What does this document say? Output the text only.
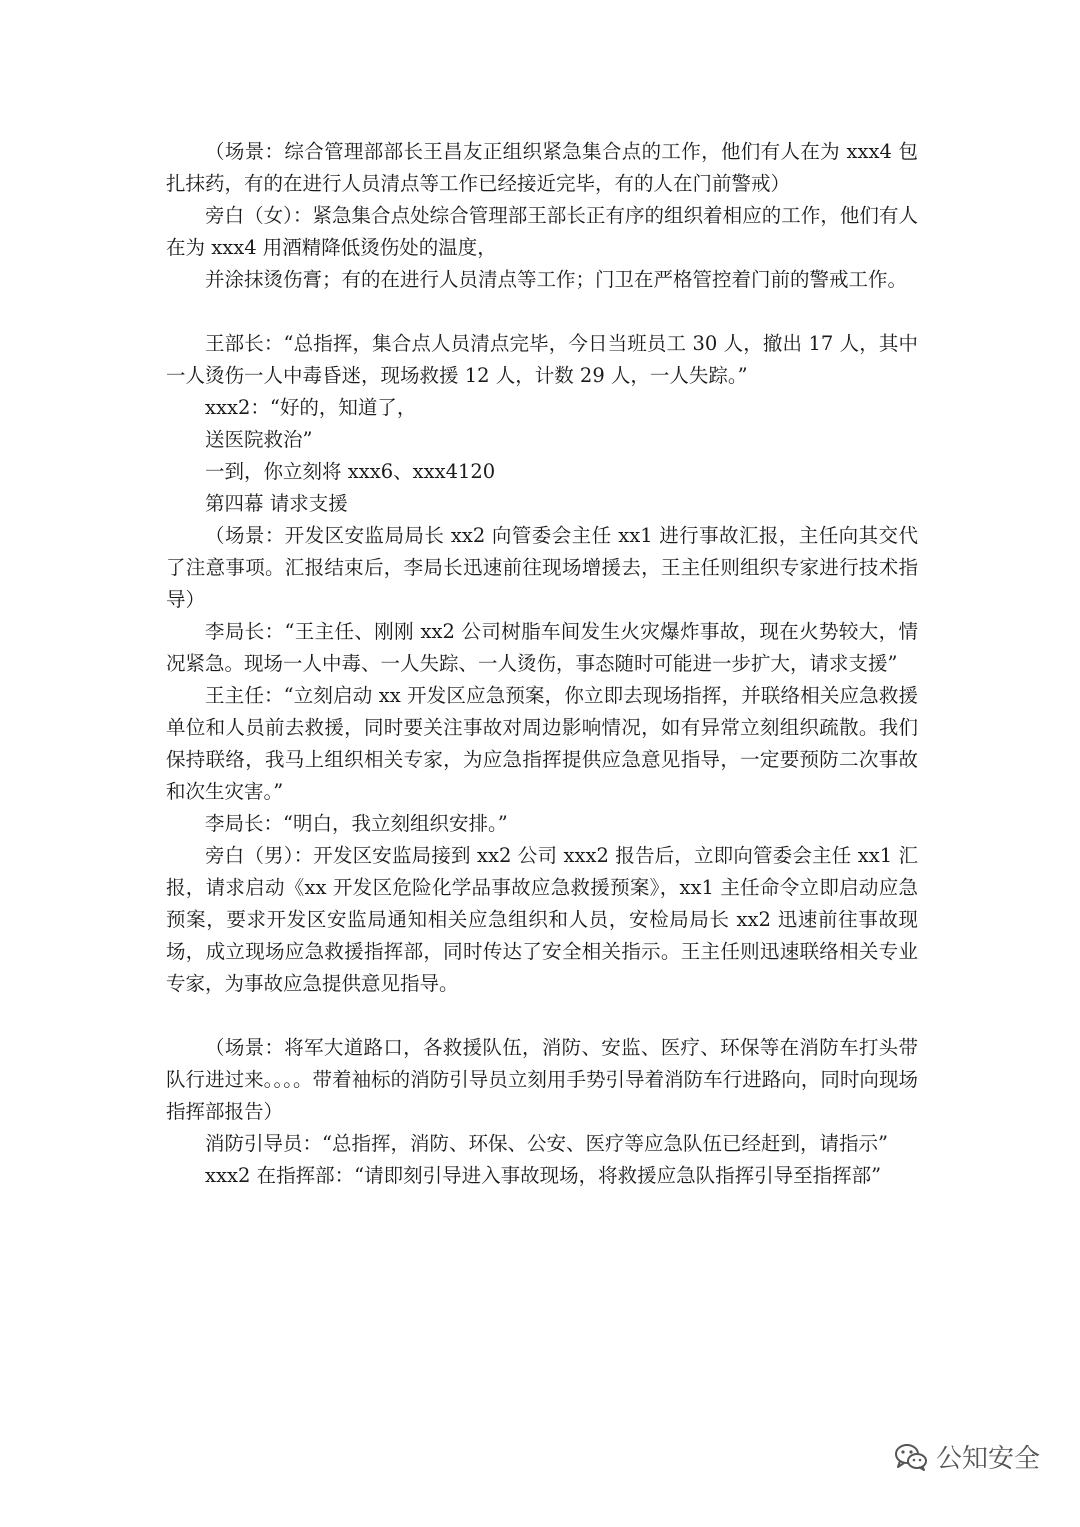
（场景：综合管理部部长王昌友正组织紧急集合点的工作，他们有人在为 xxx4 包扎抹药，有的在进行人员清点等工作已经接近完毕，有的人在门前警戒）

旁白（女）：紧急集合点处综合管理部王部长正有序的组织着相应的工作，他们有人在为 xxx4 用酒精降低烫伤处的温度，

并涂抹烫伤膏；有的在进行人员清点等工作；门卫在严格管控着门前的警戒工作。

王部长：“总指挥，集合点人员清点完毕，今日当班员工 30 人，撤出 17 人，其中一人烫伤一人中毒昏迷，现场救援 12 人，计数 29 人，一人失踪。”

xxx2：“好的，知道了，

送医院救治”

一到，你立刻将 xxx6、xxx4120

第四幕 请求支援

（场景：开发区安监局局长 xx2 向管委会主任 xx1 进行事故汇报，主任向其交代了注意事项。汇报结束后，李局长迅速前往现场增援去，王主任则组织专家进行技术指导）

李局长：“王主任、刚刚 xx2 公司树脂车间发生火灾爆炸事故，现在火势较大，情况紧急。现场一人中毒、一人失踪、一人烫伤，事态随时可能进一步扩大，请求支援”

王主任：“立刻启动 xx 开发区应急预案，你立即去现场指挥，并联络相关应急救援单位和人员前去救援，同时要关注事故对周边影响情况，如有异常立刻组织疏散。我们保持联络，我马上组织相关专家，为应急指挥提供应急意见指导，一定要预防二次事故和次生灾害。”

李局长：“明白，我立刻组织安排。”

旁白（男）：开发区安监局接到 xx2 公司 xxx2 报告后，立即向管委会主任 xx1 汇报，请求启动《xx 开发区危险化学品事故应急救援预案》，xx1 主任命令立即启动应急预案，要求开发区安监局通知相关应急组织和人员，安检局局长 xx2 迅速前往事故现场，成立现场应急救援指挥部，同时传达了安全相关指示。王主任则迅速联络相关专业专家，为事故应急提供意见指导。

（场景：将军大道路口，各救援队伍，消防、安监、医疗、环保等在消防车打头带队行进过来。。。。带着袖标的消防引导员立刻用手势引导着消防车行进路向，同时向现场指挥部报告）

消防引导员：“总指挥，消防、环保、公安、医疗等应急队伍已经赶到，请指示”

xxx2 在指挥部：“请即刻引导进入事故现场，将救援应急队指挥引导至指挥部”

公知安全
